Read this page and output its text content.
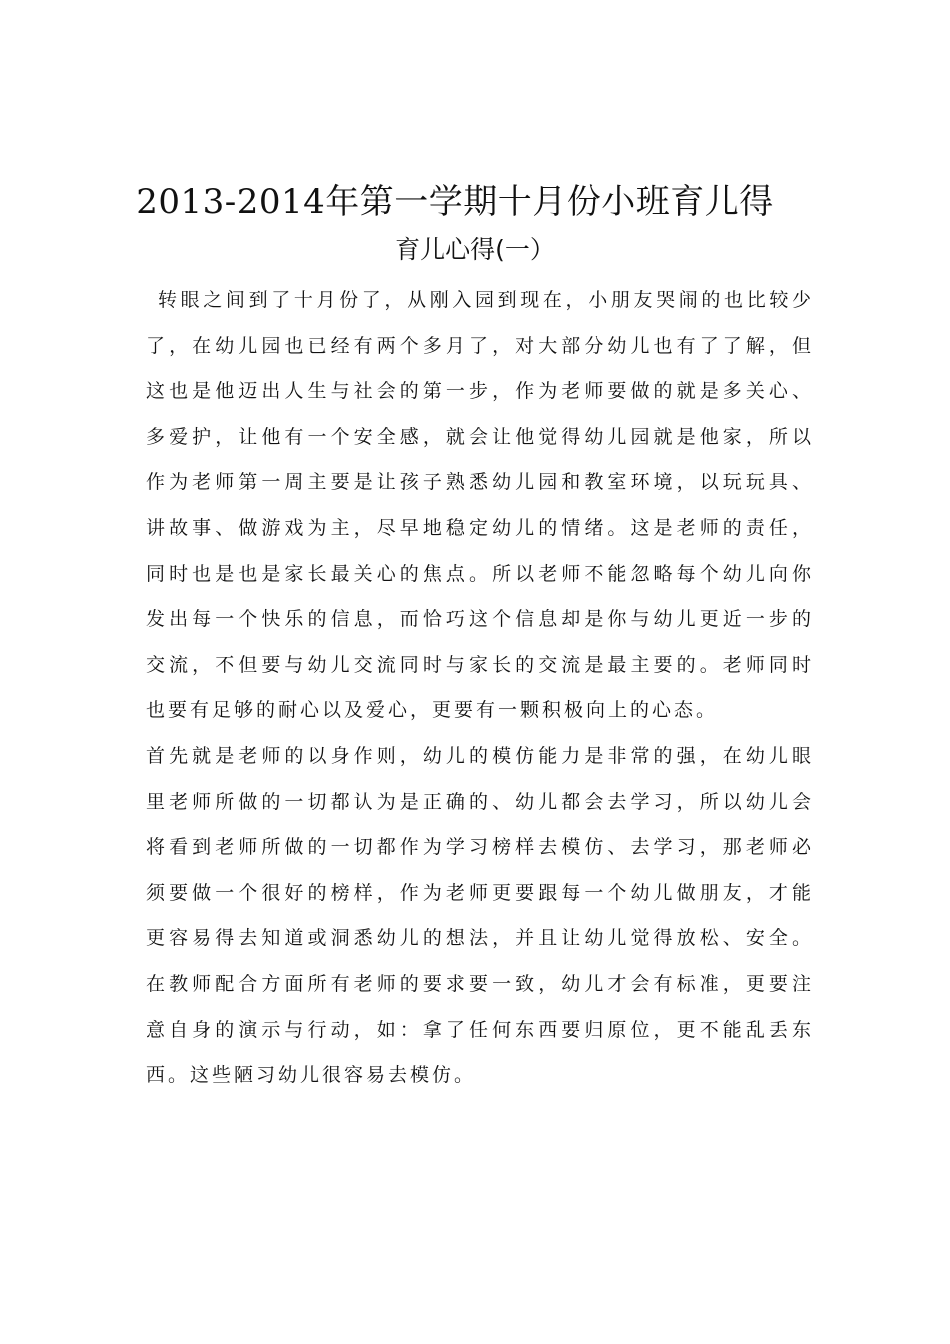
2013-2014年第一学期十月份小班育儿得
育儿心得(一）

转眼之间到了十月份了，从刚入园到现在，小朋友哭闹的也比较少
了，在幼儿园也已经有两个多月了，对大部分幼儿也有了了解，但
这也是他迈出人生与社会的第一步，作为老师要做的就是多关心、
多爱护，让他有一个安全感，就会让他觉得幼儿园就是他家，所以
作为老师第一周主要是让孩子熟悉幼儿园和教室环境，以玩玩具、
讲故事、做游戏为主，尽早地稳定幼儿的情绪。这是老师的责任，
同时也是也是家长最关心的焦点。所以老师不能忽略每个幼儿向你
发出每一个快乐的信息，而恰巧这个信息却是你与幼儿更近一步的
交流，不但要与幼儿交流同时与家长的交流是最主要的。老师同时
也要有足够的耐心以及爱心，更要有一颗积极向上的心态。

首先就是老师的以身作则，幼儿的模仿能力是非常的强，在幼儿眼
里老师所做的一切都认为是正确的、幼儿都会去学习，所以幼儿会
将看到老师所做的一切都作为学习榜样去模仿、去学习，那老师必
须要做一个很好的榜样，作为老师更要跟每一个幼儿做朋友，才能
更容易得去知道或洞悉幼儿的想法，并且让幼儿觉得放松、安全。

在教师配合方面所有老师的要求要一致，幼儿才会有标准，更要注
意自身的演示与行动，如：拿了任何东西要归原位，更不能乱丢东
西。这些陋习幼儿很容易去模仿。
